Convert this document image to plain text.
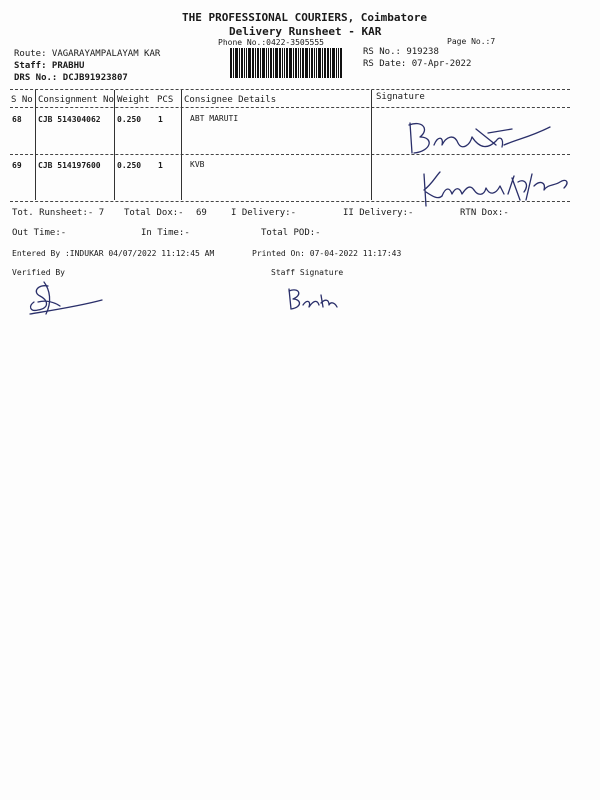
THE PROFESSIONAL COURIERS, Coimbatore
Delivery Runsheet - KAR
Phone No.:0422-3505555	Page No.:7
Route: VAGARAYAMPALAYAM KAR
Staff: PRABHU
DRS No.: DCJB91923807
RS No.: 919238
RS Date: 07-Apr-2022
S No Consignment No Weight PCS Consignee Details	Signature
68 CJB 514304062 0.250 1	ABT MARUTI
69 CJB 514197600 0.250 1	KVB
Tot. Runsheet:- 7 Total Dox:- 69	I Delivery:-	II Delivery:-	RTN Dox:-
Out Time:-	In Time:-	Total POD:-
Entered By :INDUKAR 04/07/2022 11:12:45 AM	Printed On: 07-04-2022 11:17:43
Verified By	Staff Signature
